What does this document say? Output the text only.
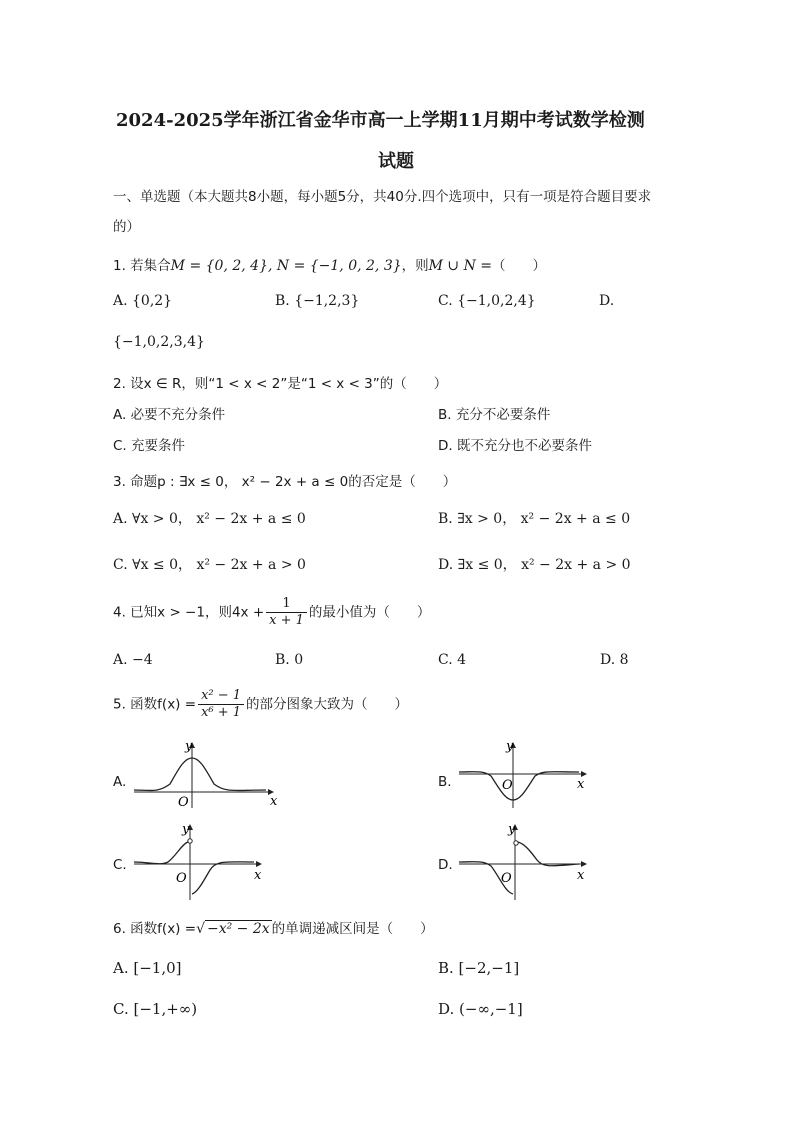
2024-2025学年浙江省金华市高一上学期11月期中考试数学检测
试题
一、单选题（本大题共8小题，每小题5分，共40分.四个选项中，只有一项是符合题目要求
的）
1. 若集合M = {0, 2, 4}, N = {−1, 0, 2, 3}，则M ∪ N =（　　）
A. {0,2}	B. {−1,2,3}	C. {−1,0,2,4}	D.
{−1,0,2,3,4}
2. 设x ∈ R，则“1 < x < 2”是“1 < x < 3”的（　　）
A. 必要不充分条件	B. 充分不必要条件
C. 充要条件	D. 既不充分也不必要条件
3. 命题p : ∃x ≤ 0， x² − 2x + a ≤ 0的否定是（　　）
A. ∀x > 0， x² − 2x + a ≤ 0	B. ∃x > 0， x² − 2x + a ≤ 0
C. ∀x ≤ 0， x² − 2x + a > 0	D. ∃x ≤ 0， x² − 2x + a > 0
4. 已知x > −1，则$4x + \frac{1}{x + 1}$ 的最小值为（　　）
A. −4	B. 0	C. 4	D. 8
5. 函数$f(x) = \frac{\text{x² − 1}}{\text{x⁶ + 1}}$ 的部分图象大致为（　　）
A.	B.
C.	D.
y
x
O
y
x
O
y
x
O
y
x
O
6. 函数f(x) =√ −x² − 2x 的单调递减区间是（　　）
A. [−1,0]	B. [−2,−1]
C. [−1,+∞)	D. (−∞,−1]
